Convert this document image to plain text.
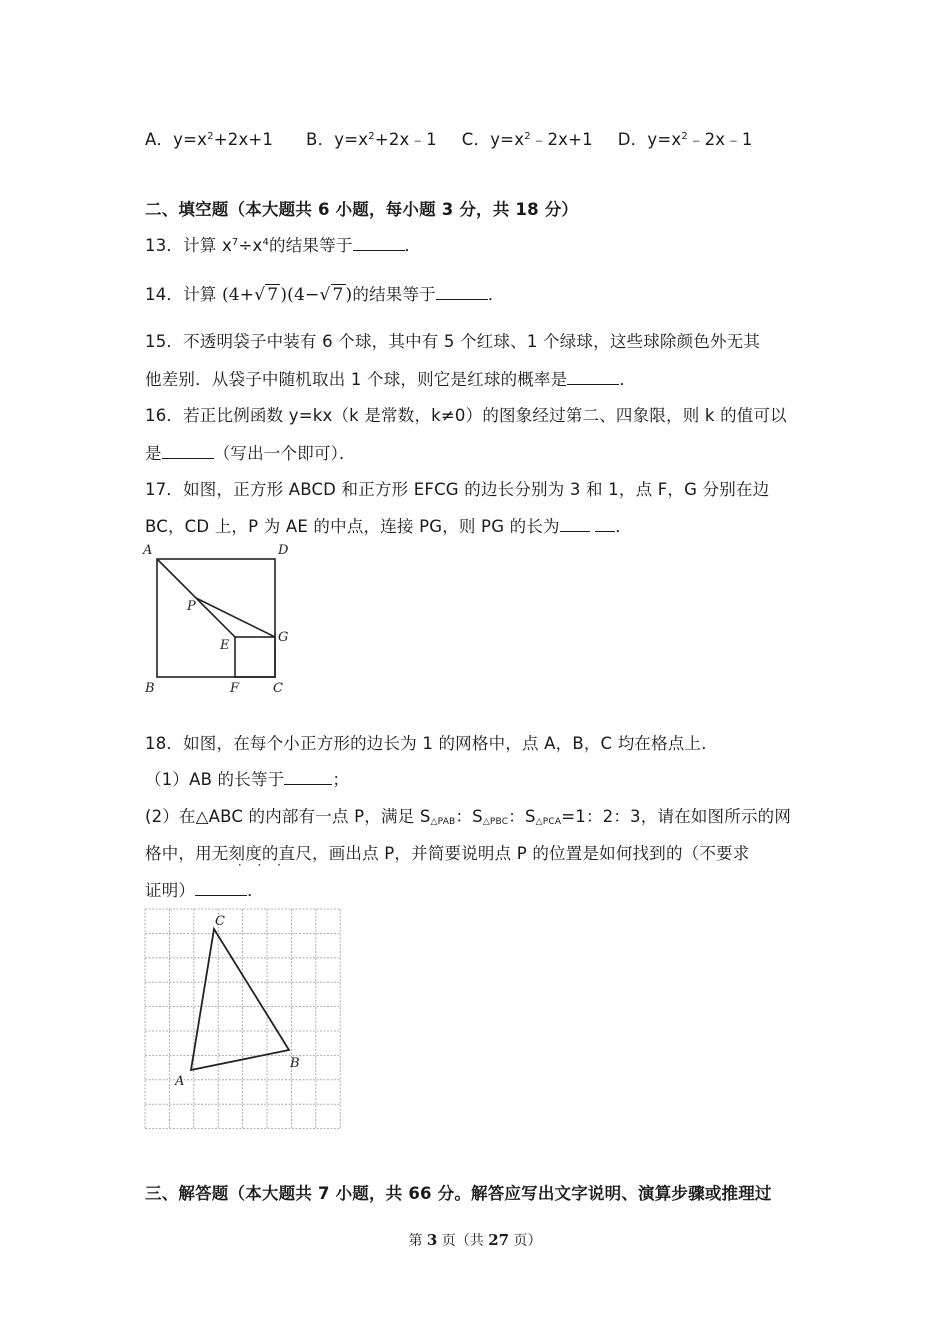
A．$y=x^2+2x+1$ B．$y=x^2+2x﹣1$ C．$y=x^2﹣2x+1$ D．$y=x^2﹣2x﹣1$
二、填空题（本大题共 6 小题，每小题 3 分，共 18 分）
13．计算 $x^7\div x^4$的结果等于	．
14．计算 (4+√ 7 )(4−√ 7 )的结果等于	．
15．不透明袋子中装有 6 个球，其中有 5 个红球、1 个绿球，这些球除颜色外无其
他差别．从袋子中随机取出 1 个球，则它是红球的概率是	．
16．若正比例函数 y=kx（k 是常数，k≠0）的图象经过第二、四象限，则 k 的值可以
是	（写出一个即可）．
17．如图，正方形 ABCD 和正方形 EFCG 的边长分别为 3 和 1，点 F，G 分别在边
BC，CD 上，P 为 AE 的中点，连接 PG，则 PG 的长为	．
A	D
P
E
G
B	F	C
18．如图，在每个小正方形的边长为 1 的网格中，点 A，B，C 均在格点上．
（1）AB 的长等于	；
(2）在△ABC 的内部有一点 P，满足 $S_{\triangle PAB}$：$S_{\triangle PBC}$：$S_{\triangle PCA}=1$：2：3，请在如图所示的网
格中，用无刻度 · · ·的直尺，画出点 P，并简要说明点 P 的位置是如何找到的（不要求
证明）	．
C
B
A
三、解答题（本大题共 7 小题，共 66 分。解答应写出文字说明、演算步骤或推理过
第 3 页（共 27 页）
